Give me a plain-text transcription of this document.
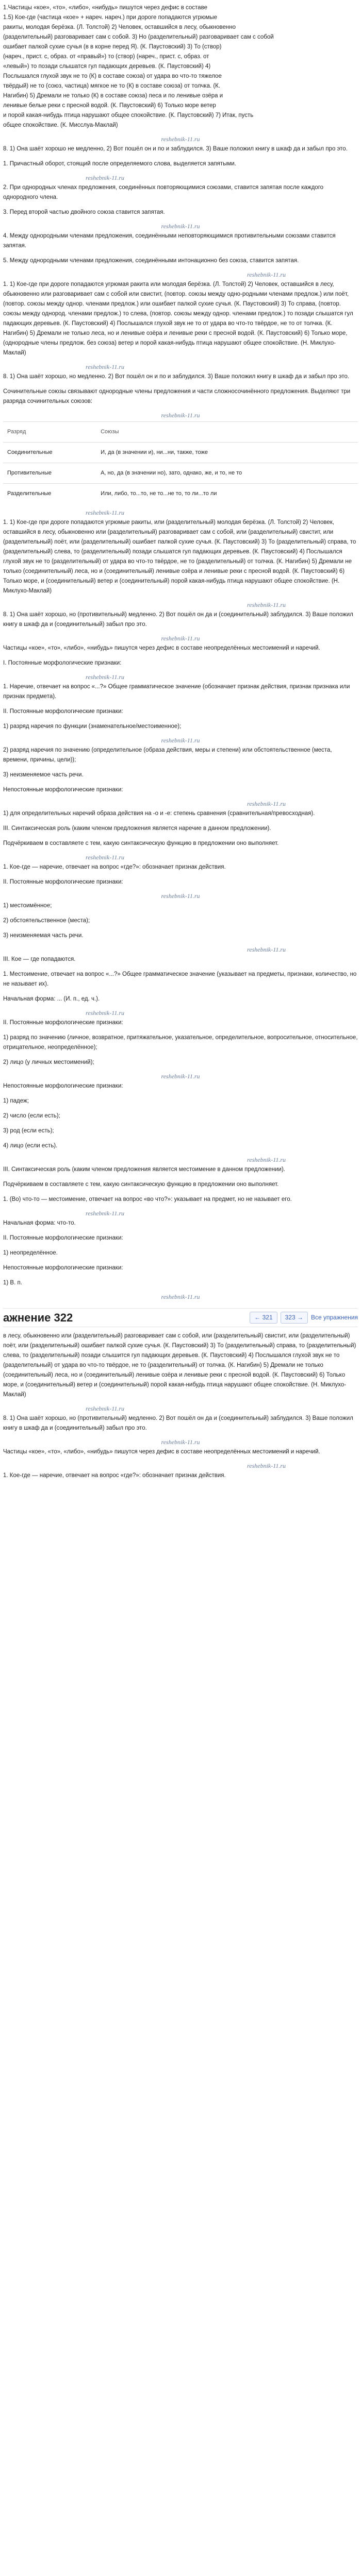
1.Частицы «кое», «то», «либо», «нибудь» пишутся через дефис в составе

1.5) Кое-где (частица «кое» + нареч. нареч.) при дороге попадаются угрюмые

ракиты, молодая берёзка. (Л. Толстой) 2) Человек, оставшийся в лесу, обыкновенно

(разделительный) разговаривает сам с собой. 3) Но (разделительный) разговаривает сам с собой

ошибает палкой сухие сучья (в в корне перед Я). (К. Паустовский) 3) То (створ)

(нареч., прист. с, образ. от «правый») то (створ) (нареч., прист. с, образ. от

«левый») то позади слышатся гул падающих деревьев. (К. Паустовский) 4)

Послышался глухой звук не то (К) в составе союза) от удара во что-то тяжелое

твёрдый) не то (союз, частица) мягкое не то (К) в составе союза) от толчка. (К.

Нагибин) 5) Дремали не только (К) в составе союза) песа и по ленивые озёра и

ленивые белые реки с пресной водой. (К. Паустовский) 6) Только море ветер

и порой какая-нибудь птица нарушают общее спокойствие. (К. Паустовский) 7) Итак, пусть

общее спокойствие. (К. Мисслуа-Маклай)

reshebnik-11.ru

8. 1) Она шаёт хорошо не медленно, 2) Вот пошёл он и по и заблудился. 3) Ваше положил книгу в шкаф да и забыл про это.

1. Причастный оборот, стоящий после определяемого слова, выделяется запятыми.

reshebnik-11.ru

2. При однородных членах предложения, соединённых повторяющимися союзами, ставится запятая после каждого однородного члена.

3. Перед второй частью двойного союза ставится запятая.

reshebnik-11.ru

4. Между однородными членами предложения, соединёнными неповторяющимися противительными союзами ставится запятая.

5. Между однородными членами предложения, соединёнными интонационно без союза, ставится запятая.

reshebnik-11.ru

1. 1) Кое-где при дороге попадаются угрюмая ракита или молодая берёзка. (Л. Толстой) 2) Человек, оставшийся в лесу, обыкновенно или разговаривает сам с собой или свистит, (повтор. союзы между одно-родными членами предлож.) или поёт, (повтор. союзы между однор. членами предлож.) или ошибает палкой сухие сучья. (К. Паустовский) 3) То справа, (повтор. союзы между однород. членами предлож.) то слева, (повтор. союзы между однор. членами предлож.) то позади слышатся гул падающих деревьев. (К. Паустовский) 4) Послышался глухой звук не то от удара во что-то твёрдое, не то от толчка. (К. Нагибин) 5) Дремали не только леса, но и ленивые озёра и ленивые реки с пресной водой. (К. Паустовский) 6) Только море, (однородные члены предлож. без союза) ветер и порой какая-нибудь птица нарушают общее спокойствие. (Н. Миклухо-Маклай)

reshebnik-11.ru

8. 1) Она шаёт хорошо, но медленно. 2) Вот пошёл он и по и заблудился. 3) Ваше положил книгу в шкаф да и забыл про это.

Сочинительные союзы связывают однородные члены предложения и части сложносочинённого предложения. Выделяют три разряда сочинительных союзов:

reshebnik-11.ru
Разряд	Союзы
Соединительные	И, да (в значении и), ни...ни, также, тоже
Противительные	А, но, да (в значении но), зато, однако, же, и то, не то
Разделительные	Или, либо, то...то, не то...не то, то ли...то ли
reshebnik-11.ru

1. 1) Кое-где при дороге попадаются угрюмые ракиты, или (разделительный) молодая берёзка. (Л. Толстой) 2) Человек, оставшийся в лесу, обыкновенно или (разделительный) разговаривает сам с собой, или (разделительный) свистит, или (разделительный) поёт, или (разделительный) ошибает палкой сухие сучья. (К. Паустовский) 3) То (разделительный) справа, то (разделительный) слева, то (разделительный) позади слышатся гул падающих деревьев. (К. Паустовский) 4) Послышался глухой звук не то (разделительный) от удара во что-то твёрдое, не то (разделительный) от толчка. (К. Нагибин) 5) Дремали не только (соединительный) леса, но и (соединительный) ленивые озёра и ленивые реки с пресной водой. (К. Паустовский) 6) Только море, и (соединительный) ветер и (соединительный) порой какая-нибудь птица нарушают общее спокойствие. (Н. Миклухо-Маклай)

reshebnik-11.ru

8. 1) Она шаёт хорошо, но (противительный) медленно. 2) Вот пошёл он да и (соединительный) заблудился. 3) Ваше положил книгу в шкаф да и (соединительный) забыл про это.

reshebnik-11.ru

Частицы «кое», «то», «либо», «нибудь» пишутся через дефис в составе неопределённых местоимений и наречий.

I. Постоянные морфологические признаки:

reshebnik-11.ru

1. Наречие, отвечает на вопрос «...?» Общее грамматическое значение (обозначает признак действия, признак признака или признак предмета).

II. Постоянные морфологические признаки:

1) разряд наречия по функции (знаменательное/местоименное);

reshebnik-11.ru

2) разряд наречия по значению (определительное (образа действия, меры и степени) или обстоятельственное (места, времени, причины, цели));

3) неизменяемое часть речи.

Непостоянные морфологические признаки:

reshebnik-11.ru

1) для определительных наречий образа действия на -о и -е: степень сравнения (сравнительная/превосходная).

III. Синтаксическая роль (каким членом предложения является наречие в данном предложении).

Подчёркиваем в составляете с тем, какую синтаксическую функцию в предложении оно выполняет.

reshebnik-11.ru

1. Кое-где — наречие, отвечает на вопрос «где?»: обозначает признак действия.

II. Постоянные морфологические признаки:

reshebnik-11.ru

1) местоимённое;

2) обстоятельственное (места);

3) неизменяемая часть речи.

reshebnik-11.ru

III. Кое — где попадаются.

1. Местоимение, отвечает на вопрос «...?» Общее грамматическое значение (указывает на предметы, признаки, количество, но не называет их).

Начальная форма: ... (И. п., ед. ч.).

reshebnik-11.ru

II. Постоянные морфологические признаки:

1) разряд по значению (личное, возвратное, притяжательное, указательное, определительное, вопросительное, относительное, отрицательное, неопределённое);

2) лицо (у личных местоимений);

reshebnik-11.ru

Непостоянные морфологические признаки:

1) падеж;

2) число (если есть);

3) род (если есть);

4) лицо (если есть).

reshebnik-11.ru

III. Синтаксическая роль (каким членом предложения является местоимение в данном предложении).

Подчёркиваем в составляете с тем, какую синтаксическую функцию в предложении оно выполняет.

1. (Во) что-то — местоимение, отвечает на вопрос «во что?»: указывает на предмет, но не называет его.

reshebnik-11.ru

Начальная форма: что-то.

II. Постоянные морфологические признаки:

1) неопределённое.

Непостоянные морфологические признаки:

1) В. п.

reshebnik-11.ru
ажнение 322	← 321	323 →	Все упражнения

в лесу, обыкновенно или (разделительный) разговаривает сам с собой, или (разделительный) свистит, или (разделительный) поёт, или (разделительный) ошибает палкой сухие сучья. (К. Паустовский) 3) То (разделительный) справа, то (разделительный) слева, то (разделительный) позади слышится гул падающих деревьев. (К. Паустовский) 4) Послышался глухой звук не то (разделительный) от удара во что-то твёрдое, не то (разделительный) от толчка. (К. Нагибин) 5) Дремали не только (соединительный) леса, но и (соединительный) ленивые озёра и ленивые реки с пресной водой. (К. Паустовский) 6) Только море, и (соединительный) ветер и (соединительный) порой какая-нибудь птица нарушают общее спокойствие. (Н. Миклухо-Маклай)

reshebnik-11.ru

8. 1) Она шаёт хорошо, но (противительный) медленно. 2) Вот пошёл он да и (соединительный) заблудился. 3) Ваше положил книгу в шкаф да и (соединительный) забыл про это.

reshebnik-11.ru

Частицы «кое», «то», «либо», «нибудь» пишутся через дефис в составе неопределённых местоимений и наречий.

reshebnik-11.ru

1. Кое-где — наречие, отвечает на вопрос «где?»: обозначает признак действия.
